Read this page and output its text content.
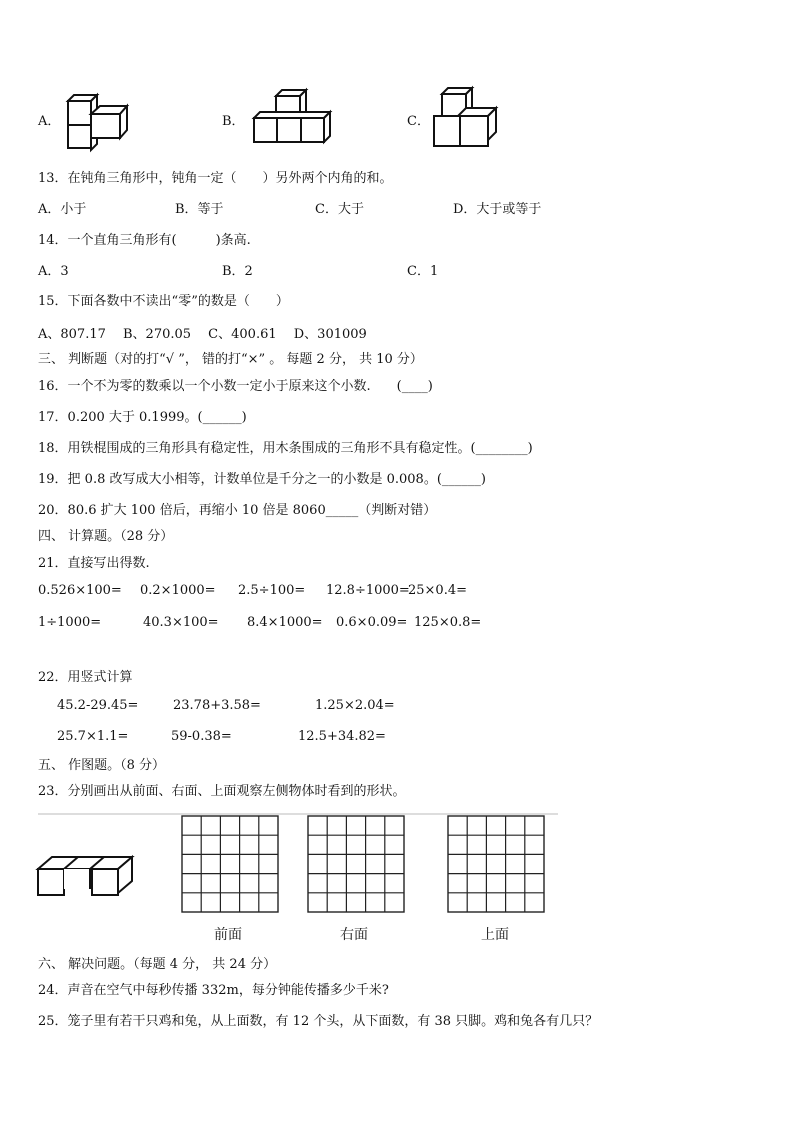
A．	B．	C．
13．在钝角三角形中，钝角一定（　　）另外两个内角的和。
A．小于	B．等于	C．大于	D．大于或等于
14．一个直角三角形有(　　　)条高.
A．3	B．2	C．1
15．下面各数中不读出“零”的数是（　　）
A、807.17　 B、270.05　 C、400.61　 D、301009
三、 判断题（对的打“√ ”， 错的打“×” 。 每题 2 分， 共 10 分）
16．一个不为零的数乘以一个小数一定小于原来这个小数.　　(____)
17．0.200 大于 0.1999。(______)
18．用铁棍围成的三角形具有稳定性，用木条围成的三角形不具有稳定性。(________)
19．把 0.8 改写成大小相等，计数单位是千分之一的小数是 0.008。(______)
20．80.6 扩大 100 倍后，再缩小 10 倍是 8060_____（判断对错）
四、 计算题。（28 分）
21．直接写出得数.
0.526×100= 0.2×1000= 2.5÷100= 12.8÷1000=
25×0.4=
1÷1000=	40.3×100= 8.4×1000= 0.6×0.09= 125×0.8=
22．用竖式计算
45.2-29.45=	23.78+3.58=	1.25×2.04=
25.7×1.1=	59-0.38=	12.5+34.82=
五、 作图题。（8 分）
23．分别画出从前面、右面、上面观察左侧物体时看到的形状。
前面	右面	上面
六、 解决问题。（每题 4 分， 共 24 分）
24．声音在空气中每秒传播 332m，每分钟能传播多少千米?
25．笼子里有若干只鸡和兔，从上面数，有 12 个头，从下面数，有 38 只脚。鸡和兔各有几只？
